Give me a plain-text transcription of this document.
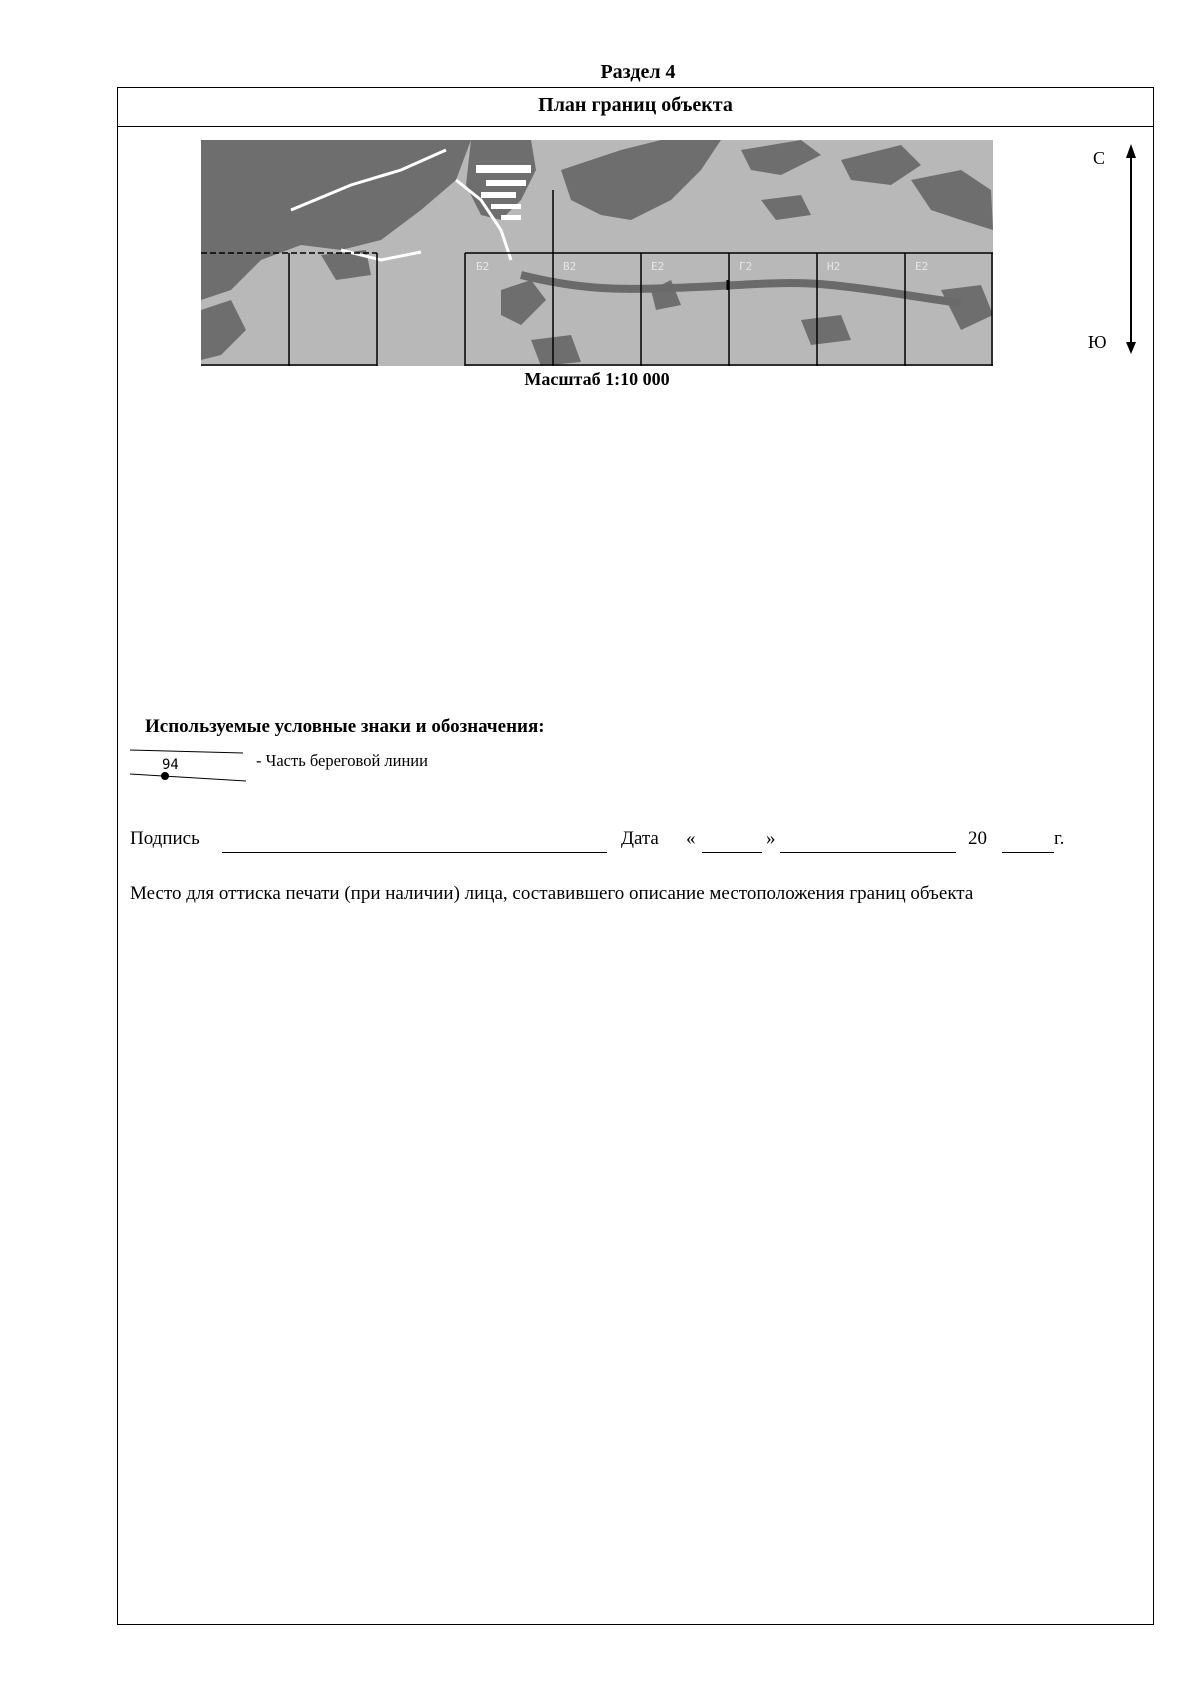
Раздел 4
План границ объекта
Б2	В2	Е2	Г2	Н2	Е2
Масштаб 1:10 000
С
Ю
Используемые условные знаки и обозначения:
94	- Часть береговой линии
Подпись	Дата «	»	20	г.
Место для оттиска печати (при наличии) лица, составившего описание местоположения границ объекта
